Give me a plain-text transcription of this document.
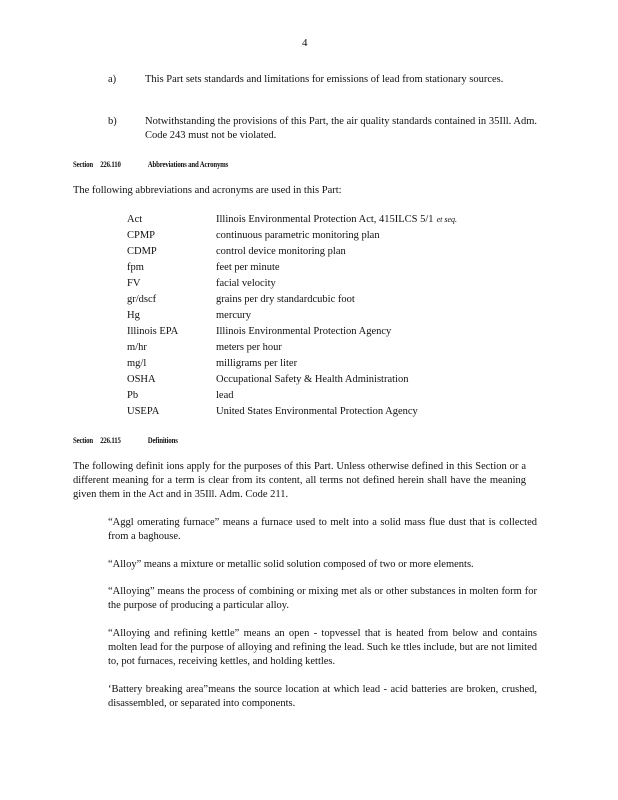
4
a)	This Part sets standards and limitations for emissions of lead from stationary sources.
b)	Notwithstanding the provisions of this Part, the air quality standards contained in 35Ill. Adm. Code 243 must not be violated.
Section 226.110	Abbreviations and Acronyms
The following abbreviations and acronyms are used in this Part:
Act	Illinois Environmental Protection Act, 415ILCS 5/1 et seq.
CPMP	continuous parametric monitoring plan
CDMP	control device monitoring plan
fpm	feet per minute
FV	facial velocity
gr/dscf	grains per dry standardcubic foot
Hg	mercury
Illinois EPA	Illinois Environmental Protection Agency
m/hr	meters per hour
mg/l	milligrams per liter
OSHA	Occupational Safety & Health Administration
Pb	lead
USEPA	United States Environmental Protection Agency
Section 226.115	Definitions
The following definit ions apply for the purposes of this Part. Unless otherwise defined in this Section or a different meaning for a term is clear from its content, all terms not defined herein shall have the meaning given them in the Act and in 35Ill. Adm. Code 211.
“Aggl omerating furnace” means a furnace used to melt into a solid mass flue dust that is collected from a baghouse.
“Alloy” means a mixture or metallic solid solution composed of two or more elements.
“Alloying” means the process of combining or mixing met als or other substances in molten form for the purpose of producing a particular alloy.
“Alloying and refining kettle” means an open - topvessel that is heated from below and contains molten lead for the purpose of alloying and refining the lead. Such ke ttles include, but are not limited to, pot furnaces, receiving kettles, and holding kettles.
‘Battery breaking area”means the source location at which lead - acid batteries are broken, crushed, disassembled, or separated into components.
